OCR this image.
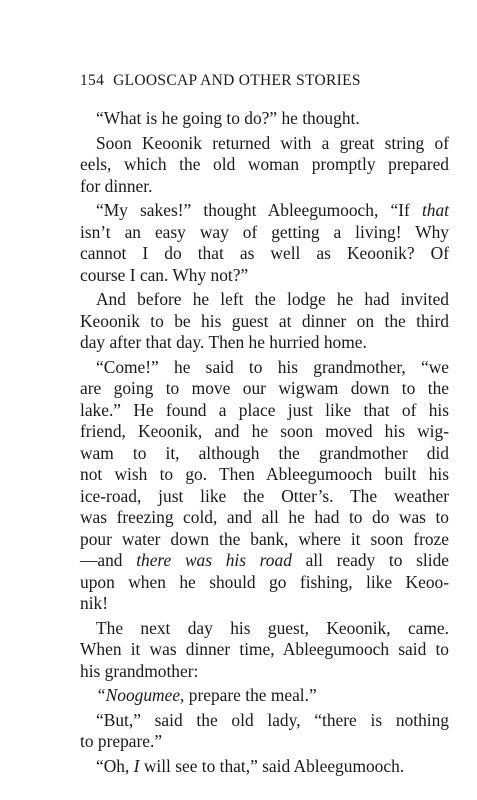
154 GLOOSCAP AND OTHER STORIES
“What is he going to do?” he thought.
Soon Keoonik returned with a great string of
eels, which the old woman promptly prepared
for dinner.
“My sakes!” thought Ableegumooch, “If that
isn’t an easy way of getting a living! Why
cannot I do that as well as Keoonik? Of
course I can. Why not?”
And before he left the lodge he had invited
Keoonik to be his guest at dinner on the third
day after that day. Then he hurried home.
“Come!” he said to his grandmother, “we
are going to move our wigwam down to the
lake.” He found a place just like that of his
friend, Keoonik, and he soon moved his wig-
wam to it, although the grandmother did
not wish to go. Then Ableegumooch built his
ice-road, just like the Otter’s. The weather
was freezing cold, and all he had to do was to
pour water down the bank, where it soon froze
—and there was his road all ready to slide
upon when he should go fishing, like Keoo-
nik!
The next day his guest, Keoonik, came.
When it was dinner time, Ableegumooch said to
his grandmother:
“Noogumee, prepare the meal.”
“But,” said the old lady, “there is nothing
to prepare.”
“Oh, I will see to that,” said Ableegumooch.
